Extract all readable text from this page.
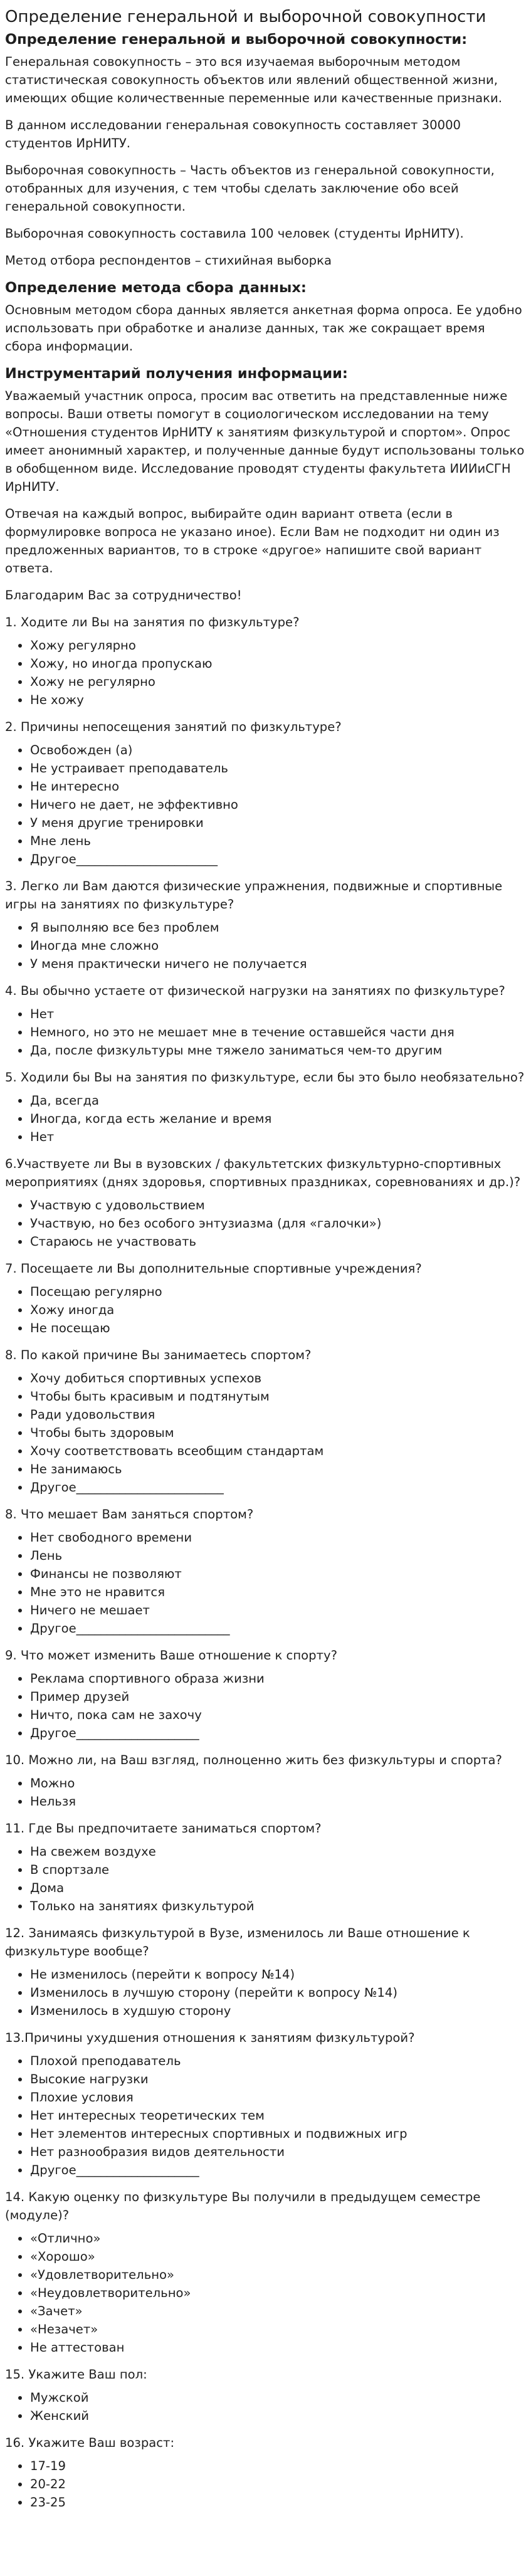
Определение генеральной и выборочной совокупности
Определение генеральной и выборочной совокупности:

Генеральная совокупность – это вся изучаемая выборочным методом статистическая совокупность объектов или явлений общественной жизни, имеющих общие количественные переменные или качественные признаки.

В данном исследовании генеральная совокупность составляет 30000 студентов ИрНИТУ.

Выборочная совокупность – Часть объектов из генеральной совокупности, отобранных для изучения, с тем чтобы сделать заключение обо всей генеральной совокупности.

Выборочная совокупность составила 100 человек (студенты ИрНИТУ).

Метод отбора респондентов – стихийная выборка

Определение метода сбора данных:

Основным методом сбора данных является анкетная форма опроса. Ее удобно использовать при обработке и анализе данных, так же сокращает время сбора информации.

Инструментарий получения информации:

Уважаемый участник опроса, просим вас ответить на представленные ниже вопросы. Ваши ответы помогут в социологическом исследовании на тему «Отношения студентов ИрНИТУ к занятиям физкультурой и спортом». Опрос имеет анонимный характер, и полученные данные будут использованы только в обобщенном виде. Исследование проводят студенты факультета ИИИиСГН ИрНИТУ.

Отвечая на каждый вопрос, выбирайте один вариант ответа (если в формулировке вопроса не указано иное). Если Вам не подходит ни один из предложенных вариантов, то в строке «другое» напишите свой вариант ответа.

Благодарим Вас за сотрудничество!

1. Ходите ли Вы на занятия по физкультуре?

• Хожу регулярно
• Хожу, но иногда пропускаю
• Хожу не регулярно
• Не хожу

2. Причины непосещения занятий по физкультуре?

• Освобожден (а)
• Не устраивает преподаватель
• Не интересно
• Ничего не дает, не эффективно
• У меня другие тренировки
• Мне лень
• Другое_______________________

3. Легко ли Вам даются физические упражнения, подвижные и спортивные игры на занятиях по физкультуре?

• Я выполняю все без проблем
• Иногда мне сложно
• У меня практически ничего не получается

4. Вы обычно устаете от физической нагрузки на занятиях по физкультуре?

• Нет
• Немного, но это не мешает мне в течение оставшейся части дня
• Да, после физкультуры мне тяжело заниматься чем-то другим

5. Ходили бы Вы на занятия по физкультуре, если бы это было необязательно?

• Да, всегда
• Иногда, когда есть желание и время
• Нет

6.Участвуете ли Вы в вузовских / факультетских физкультурно-спортивных мероприятиях (днях здоровья, спортивных праздниках, соревнованиях и др.)?

• Участвую с удовольствием
• Участвую, но без особого энтузиазма (для «галочки»)
• Стараюсь не участвовать

7. Посещаете ли Вы дополнительные спортивные учреждения?

• Посещаю регулярно
• Хожу иногда
• Не посещаю

8. По какой причине Вы занимаетесь спортом?

• Хочу добиться спортивных успехов
• Чтобы быть красивым и подтянутым
• Ради удовольствия
• Чтобы быть здоровым
• Хочу соответствовать всеобщим стандартам
• Не занимаюсь
• Другое________________________

8. Что мешает Вам заняться спортом?

• Нет свободного времени
• Лень
• Финансы не позволяют
• Мне это не нравится
• Ничего не мешает
• Другое_________________________

9. Что может изменить Ваше отношение к спорту?

• Реклама спортивного образа жизни
• Пример друзей
• Ничто, пока сам не захочу
• Другое____________________

10. Можно ли, на Ваш взгляд, полноценно жить без физкультуры и спорта?

• Можно
• Нельзя

11. Где Вы предпочитаете заниматься спортом?

• На свежем воздухе
• В спортзале
• Дома
• Только на занятиях физкультурой

12. Занимаясь физкультурой в Вузе, изменилось ли Ваше отношение к физкультуре вообще?

• Не изменилось (перейти к вопросу №14)
• Изменилось в лучшую сторону (перейти к вопросу №14)
• Изменилось в худшую сторону

13.Причины ухудшения отношения к занятиям физкультурой?

• Плохой преподаватель
• Высокие нагрузки
• Плохие условия
• Нет интересных теоретических тем
• Нет элементов интересных спортивных и подвижных игр
• Нет разнообразия видов деятельности
• Другое____________________

14. Какую оценку по физкультуре Вы получили в предыдущем семестре (модуле)?

• «Отлично»
• «Хорошо»
• «Удовлетворительно»
• «Неудовлетворительно»
• «Зачет»
• «Незачет»
• Не аттестован

15. Укажите Ваш пол:

• Мужской
• Женский

16. Укажите Ваш возраст:

• 17-19
• 20-22
• 23-25
